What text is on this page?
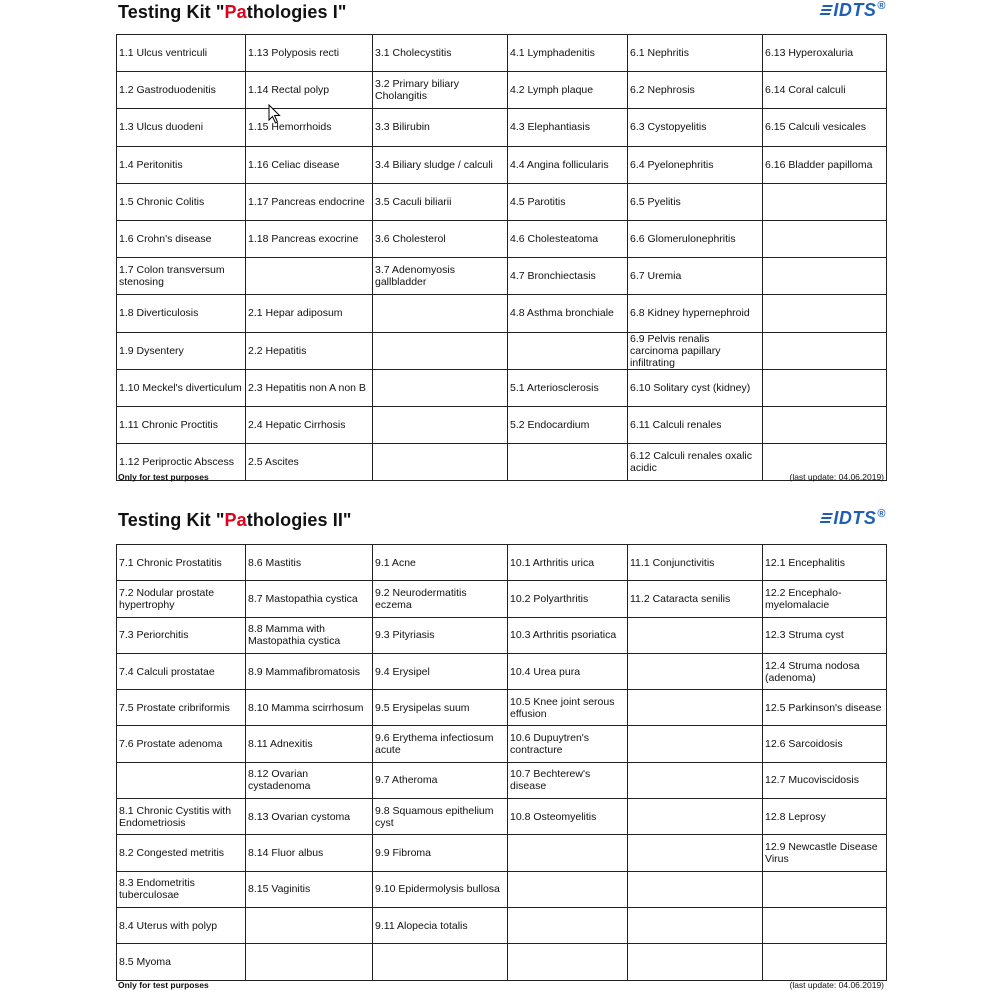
Testing Kit "Pathologies I"	IDTS®
1.1 Ulcus ventriculi	1.13 Polyposis recti	3.1 Cholecystitis	4.1 Lymphadenitis	6.1 Nephritis	6.13 Hyperoxaluria
1.2 Gastroduodenitis	1.14 Rectal polyp	3.2 Primary biliary Cholangitis	4.2 Lymph plaque	6.2 Nephrosis	6.14 Coral calculi
1.3 Ulcus duodeni	1.15 Hemorrhoids	3.3 Bilirubin	4.3 Elephantiasis	6.3 Cystopyelitis	6.15 Calculi vesicales
1.4 Peritonitis	1.16 Celiac disease	3.4 Biliary sludge / calculi	4.4 Angina follicularis	6.4 Pyelonephritis	6.16 Bladder papilloma
1.5 Chronic Colitis	1.17 Pancreas endocrine	3.5 Caculi biliarii	4.5 Parotitis	6.5 Pyelitis	
1.6 Crohn's disease	1.18 Pancreas exocrine	3.6 Cholesterol	4.6 Cholesteatoma	6.6 Glomerulonephritis	
1.7 Colon transversum stenosing		3.7 Adenomyosis gallbladder	4.7 Bronchiectasis	6.7 Uremia	
1.8 Diverticulosis	2.1 Hepar adiposum		4.8 Asthma bronchiale	6.8 Kidney hypernephroid	
1.9 Dysentery	2.2 Hepatitis			6.9 Pelvis renalis carcinoma papillary infiltrating	
1.10 Meckel's diverticulum	2.3 Hepatitis non A non B		5.1 Arteriosclerosis	6.10 Solitary cyst (kidney)	
1.11 Chronic Proctitis	2.4 Hepatic Cirrhosis		5.2 Endocardium	6.11 Calculi renales	
1.12 Periproctic Abscess	2.5 Ascites			6.12 Calculi renales oxalic acidic	
Only for test purposes	(last update: 04.06.2019)
Testing Kit "Pathologies II"	IDTS®
7.1 Chronic Prostatitis	8.6 Mastitis	9.1 Acne	10.1 Arthritis urica	11.1 Conjunctivitis	12.1 Encephalitis
7.2 Nodular prostate hypertrophy	8.7 Mastopathia cystica	9.2 Neurodermatitis eczema	10.2 Polyarthritis	11.2 Cataracta senilis	12.2 Encephalo-myelomalacie
7.3 Periorchitis	8.8 Mamma with Mastopathia cystica	9.3 Pityriasis	10.3 Arthritis psoriatica		12.3 Struma cyst
7.4 Calculi prostatae	8.9 Mammafibromatosis	9.4 Erysipel	10.4 Urea pura		12.4 Struma nodosa (adenoma)
7.5 Prostate cribriformis	8.10 Mamma scirrhosum	9.5 Erysipelas suum	10.5 Knee joint serous effusion		12.5 Parkinson's disease
7.6 Prostate adenoma	8.11 Adnexitis	9.6 Erythema infectiosum acute	10.6 Dupuytren's contracture		12.6 Sarcoidosis
	8.12 Ovarian cystadenoma	9.7 Atheroma	10.7 Bechterew's disease		12.7 Mucoviscidosis
8.1 Chronic Cystitis with Endometriosis	8.13 Ovarian cystoma	9.8 Squamous epithelium cyst	10.8 Osteomyelitis		12.8 Leprosy
8.2 Congested metritis	8.14 Fluor albus	9.9 Fibroma			12.9 Newcastle Disease Virus
8.3 Endometritis tuberculosae	8.15 Vaginitis	9.10 Epidermolysis bullosa			
8.4 Uterus with polyp		9.11 Alopecia totalis			
8.5 Myoma					
Only for test purposes	(last update: 04.06.2019)
